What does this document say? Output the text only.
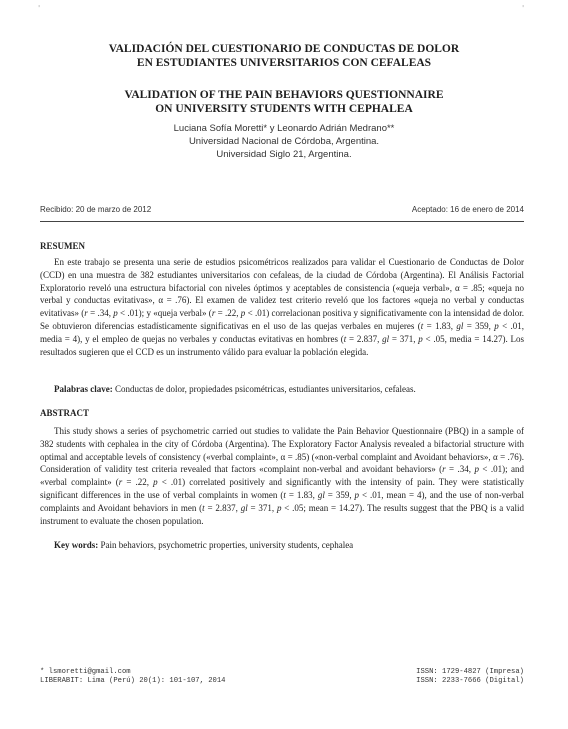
'	'
VALIDACIÓN DEL CUESTIONARIO DE CONDUCTAS DE DOLOR
EN ESTUDIANTES UNIVERSITARIOS CON CEFALEAS
VALIDATION OF THE PAIN BEHAVIORS QUESTIONNAIRE
ON UNIVERSITY STUDENTS WITH CEPHALEA
Luciana Sofía Moretti* y Leonardo Adrián Medrano**
Universidad Nacional de Córdoba, Argentina.
Universidad Siglo 21, Argentina.
Recibido: 20 de marzo de 2012	Aceptado: 16 de enero de 2014
RESUMEN
En este trabajo se presenta una serie de estudios psicométricos realizados para validar el Cuestionario de Conductas de Dolor (CCD) en una muestra de 382 estudiantes universitarios con cefaleas, de la ciudad de Córdoba (Argentina). El Análisis Factorial Exploratorio reveló una estructura bifactorial con niveles óptimos y aceptables de consistencia («queja verbal», α = .85; «queja no verbal y conductas evitativas», α = .76). El examen de validez test criterio reveló que los factores «queja no verbal y conductas evitativas» (r = .34, p < .01); y «queja verbal» (r = .22, p < .01) correlacionan positiva y significativamente con la intensidad de dolor. Se obtuvieron diferencias estadísticamente significativas en el uso de las quejas verbales en mujeres (t = 1.83, gl = 359, p < .01, media = 4), y el empleo de quejas no verbales y conductas evitativas en hombres (t = 2.837, gl = 371, p < .05, media = 14.27). Los resultados sugieren que el CCD es un instrumento válido para evaluar la población elegida.
Palabras clave: Conductas de dolor, propiedades psicométricas, estudiantes universitarios, cefaleas.
ABSTRACT
This study shows a series of psychometric carried out studies to validate the Pain Behavior Questionnaire (PBQ) in a sample of 382 students with cephalea in the city of Córdoba (Argentina). The Exploratory Factor Analysis revealed a bifactorial structure with optimal and acceptable levels of consistency («verbal complaint», α = .85) («non-verbal complaint and Avoidant behaviors», α = .76). Consideration of validity test criteria revealed that factors «complaint non-verbal and avoidant behaviors» (r = .34, p < .01); and «verbal complaint» (r = .22, p < .01) correlated positively and significantly with the intensity of pain. They were statistically significant differences in the use of verbal complaints in women (t = 1.83, gl = 359, p < .01, mean = 4), and the use of non-verbal complaints and Avoidant behaviors in men (t = 2.837, gl = 371, p < .05; mean = 14.27). The results suggest that the PBQ is a valid instrument to evaluate the chosen population.
Key words: Pain behaviors, psychometric properties, university students, cephalea
* lsmoretti@gmail.com
LIBERABIT: Lima (Perú) 20(1): 101-107, 2014
ISSN: 1729-4827 (Impresa)
ISSN: 2233-7666 (Digital)
